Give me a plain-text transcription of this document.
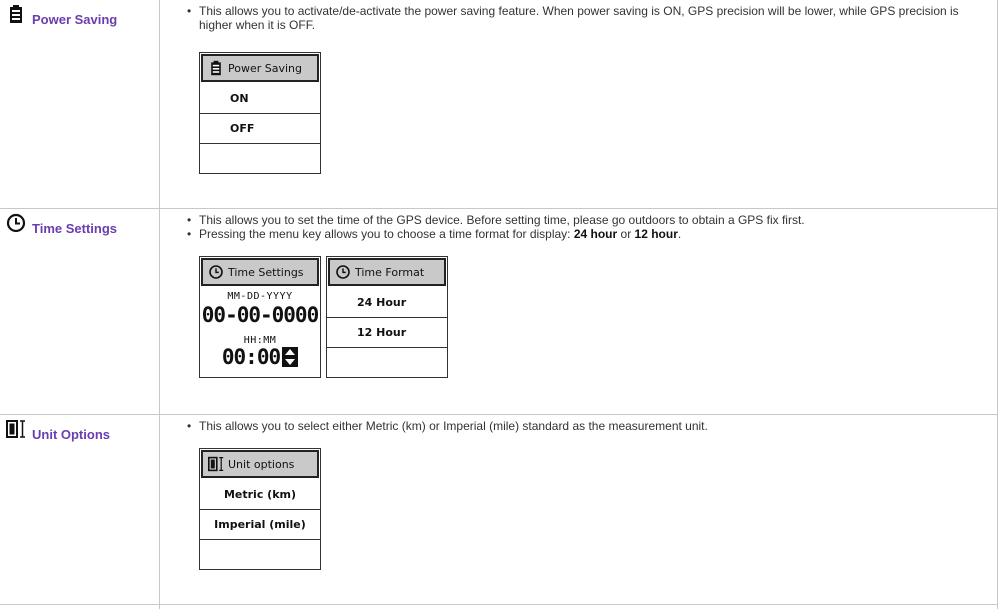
Power Saving
• This allows you to activate/de-activate the power saving feature. When power saving is ON, GPS precision will be lower, while GPS precision is higher when it is OFF.
Power Saving
ON
OFF
Time Settings
• This allows you to set the time of the GPS device. Before setting time, please go outdoors to obtain a GPS fix first.
• Pressing the menu key allows you to choose a time format for display: 24 hour or 12 hour.
Time Settings
MM-DD-YYYY
00-00-0000
HH:MM
00:00
Time Format
24 Hour
12 Hour
Unit Options
• This allows you to select either Metric (km) or Imperial (mile) standard as the measurement unit.
Unit options
Metric (km)
Imperial (mile)
